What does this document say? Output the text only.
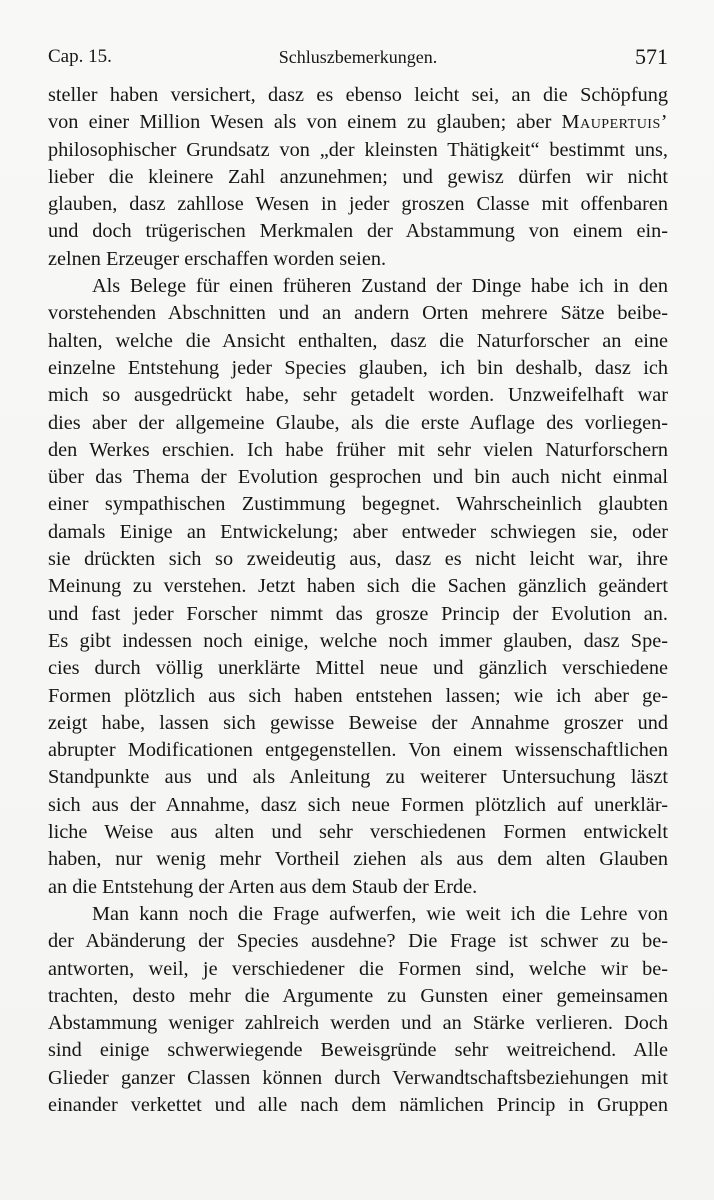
Cap. 15.	Schluszbemerkungen.	571
steller haben versichert, dasz es ebenso leicht sei, an die Schöpfung
von einer Million Wesen als von einem zu glauben; aber Maupertuis’
philosophischer Grundsatz von „der kleinsten Thätigkeit“ bestimmt uns,
lieber die kleinere Zahl anzunehmen; und gewisz dürfen wir nicht
glauben, dasz zahllose Wesen in jeder groszen Classe mit offenbaren
und doch trügerischen Merkmalen der Abstammung von einem ein-
zelnen Erzeuger erschaffen worden seien.
Als Belege für einen früheren Zustand der Dinge habe ich in den
vorstehenden Abschnitten und an andern Orten mehrere Sätze beibe-
halten, welche die Ansicht enthalten, dasz die Naturforscher an eine
einzelne Entstehung jeder Species glauben, ich bin deshalb, dasz ich
mich so ausgedrückt habe, sehr getadelt worden. Unzweifelhaft war
dies aber der allgemeine Glaube, als die erste Auflage des vorliegen-
den Werkes erschien. Ich habe früher mit sehr vielen Naturforschern
über das Thema der Evolution gesprochen und bin auch nicht einmal
einer sympathischen Zustimmung begegnet. Wahrscheinlich glaubten
damals Einige an Entwickelung; aber entweder schwiegen sie, oder
sie drückten sich so zweideutig aus, dasz es nicht leicht war, ihre
Meinung zu verstehen. Jetzt haben sich die Sachen gänzlich geändert
und fast jeder Forscher nimmt das grosze Princip der Evolution an.
Es gibt indessen noch einige, welche noch immer glauben, dasz Spe-
cies durch völlig unerklärte Mittel neue und gänzlich verschiedene
Formen plötzlich aus sich haben entstehen lassen; wie ich aber ge-
zeigt habe, lassen sich gewisse Beweise der Annahme groszer und
abrupter Modificationen entgegenstellen. Von einem wissenschaftlichen
Standpunkte aus und als Anleitung zu weiterer Untersuchung läszt
sich aus der Annahme, dasz sich neue Formen plötzlich auf unerklär-
liche Weise aus alten und sehr verschiedenen Formen entwickelt
haben, nur wenig mehr Vortheil ziehen als aus dem alten Glauben
an die Entstehung der Arten aus dem Staub der Erde.
Man kann noch die Frage aufwerfen, wie weit ich die Lehre von
der Abänderung der Species ausdehne? Die Frage ist schwer zu be-
antworten, weil, je verschiedener die Formen sind, welche wir be-
trachten, desto mehr die Argumente zu Gunsten einer gemeinsamen
Abstammung weniger zahlreich werden und an Stärke verlieren. Doch
sind einige schwerwiegende Beweisgründe sehr weitreichend. Alle
Glieder ganzer Classen können durch Verwandtschaftsbeziehungen mit
einander verkettet und alle nach dem nämlichen Princip in Gruppen
